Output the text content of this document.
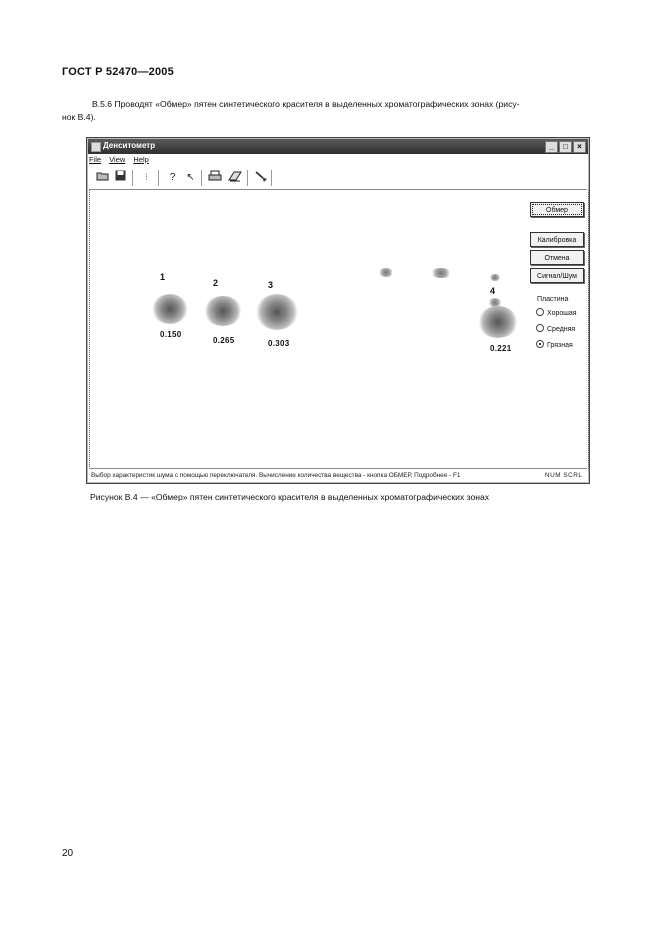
ГОСТ Р 52470—2005
В.5.6 Проводят «Обмер» пятен синтетического красителя в выделенных хроматографических зонах (рису-
нок В.4).
Денситометр	_	□	×
File View Help
⁝	?	↖
1
0.150
2
0.265
3
0.303
4
0.221
Обмер
Калибровка
Отмена
Сигнал/Шум
Пластина
Хорошая
Средняя
Грязная
Выбор характеристик шума с помощью переключателя. Вычисление количества вещества - кнопка ОБМЕР, Подробнее - F1	NUM SCRL
Рисунок В.4 — «Обмер» пятен синтетического красителя в выделенных хроматографических зонах
20
